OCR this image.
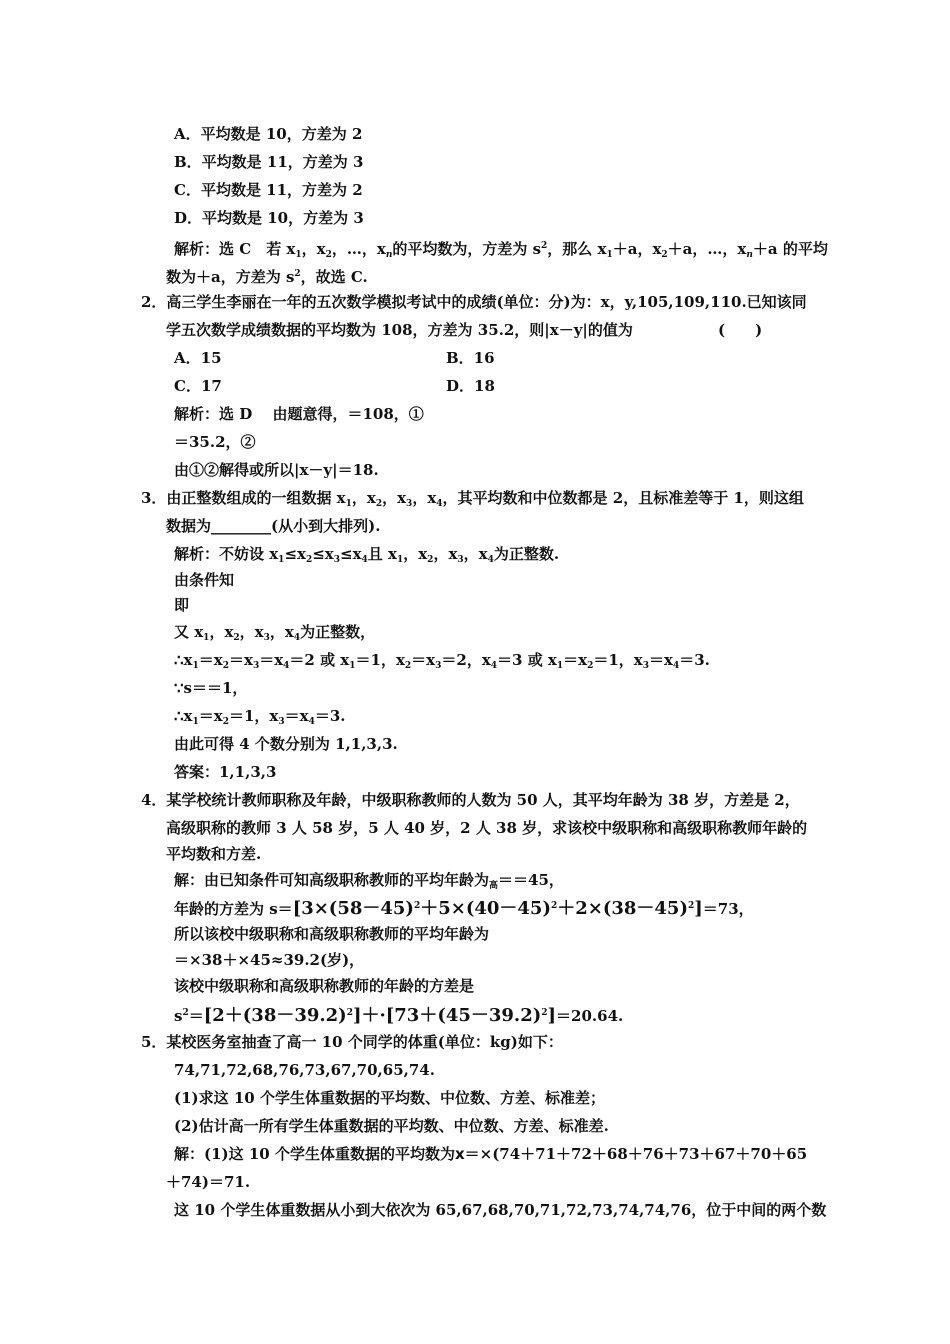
A．平均数是 10，方差为 2
B．平均数是 11，方差为 3
C．平均数是 11，方差为 2
D．平均数是 10，方差为 3
解析：选 C　 若 $x_1$，$x_2$，…，$x_n$的平均数为，方差为 $s^2$，那么 $x_1+a$，$x_2+a$，…，$x_n+a$ 的平均
数为＋a，方差为 $s^2$，故选 C.
2．高三学生李丽在一年的五次数学模拟考试中的成绩(单位：分)为：x，y,105,109,110.已知该同
学五次数学成绩数据的平均数为 108，方差为 35.2，则|x－y|的值为	(　　)
A．15	B．16
C．17	D．18
解析：选 D　 由题意得，＝108，①
＝35.2，②
由①②解得或所以|x－y|＝18.
3．由正整数组成的一组数据 $x_1$，$x_2$，$x_3$，$x_4$，其平均数和中位数都是 2，且标准差等于 1，则这组
数据为________(从小到大排列).
解析：不妨设 $x_1\le x_2\le x_3\le x_4$且 $x_1$，$x_2$，$x_3$，$x_4$为正整数.
由条件知
即
又 $x_1$，$x_2$，$x_3$，$x_4$为正整数，
$\therefore x_1=x_2=x_3=x_4=2$ 或 $x_1=1$，$x_2=x_3=2$，$x_4=3$ 或 $x_1=x_2=1$，$x_3=x_4=3$.
∵s＝＝1，
$\therefore x_1=x_2=1$，$x_3=x_4=3$.
由此可得 4 个数分别为 1,1,3,3.
答案：1,1,3,3
4．某学校统计教师职称及年龄，中级职称教师的人数为 50 人，其平均年龄为 38 岁，方差是 2，
高级职称的教师 3 人 58 岁，5 人 40 岁，2 人 38 岁，求该校中级职称和高级职称教师年龄的
平均数和方差.
解：由已知条件可知高级职称教师的平均年龄为$_高$＝＝45，
年龄的方差为 $s=[3\times(58-45)^2+5\times(40-45)^2+2\times(38-45)^2]=73$，
所以该校中级职称和高级职称教师的平均年龄为
＝×38＋×45≈39.2(岁)，
该校中级职称和高级职称教师的年龄的方差是
$s^2=[2+(38-39.2)^2]+\cdot[73+(45-39.2)^2]=20.64$.
5．某校医务室抽查了高一 10 个同学的体重(单位：kg)如下：
74,71,72,68,76,73,67,70,65,74.
(1)求这 10 个学生体重数据的平均数、中位数、方差、标准差；
(2)估计高一所有学生体重数据的平均数、中位数、方差、标准差.
解：(1)这 10 个学生体重数据的平均数为x＝×(74＋71＋72＋68＋76＋73＋67＋70＋65
＋74)＝71.
这 10 个学生体重数据从小到大依次为 65,67,68,70,71,72,73,74,74,76，位于中间的两个数
